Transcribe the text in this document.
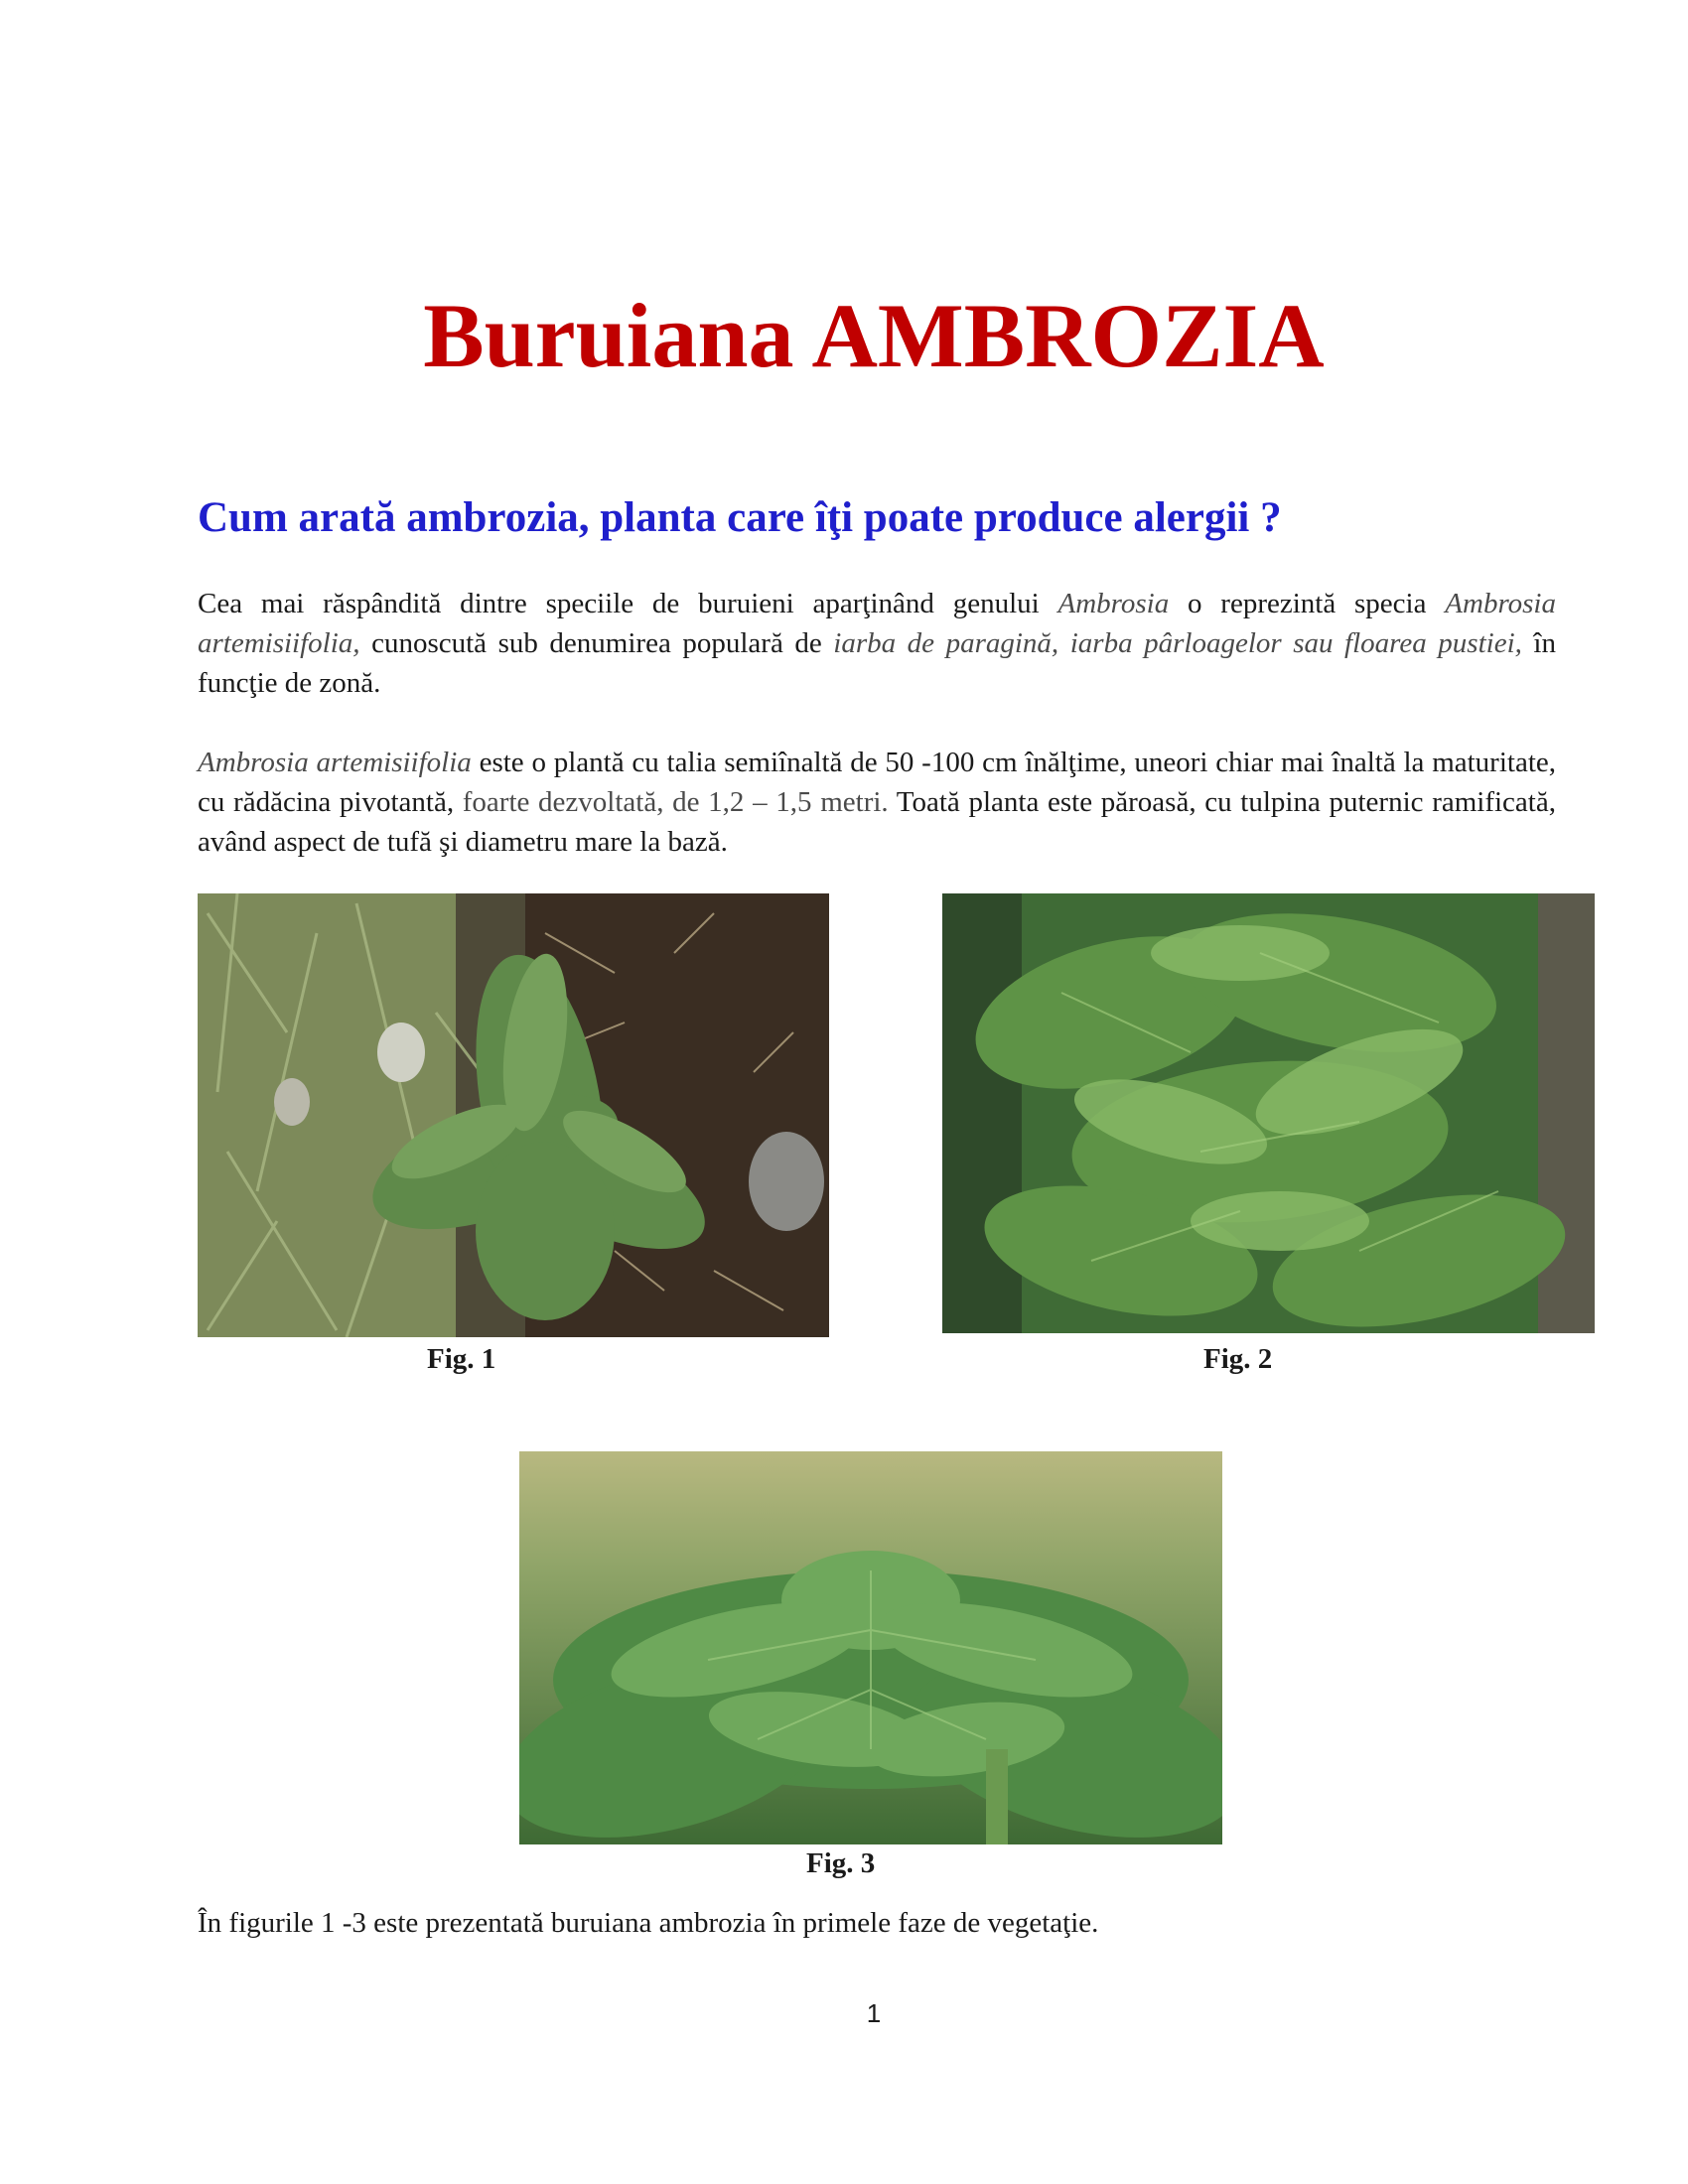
Buruiana AMBROZIA
Cum arată ambrozia, planta care îţi poate produce alergii ?

Cea mai răspândită dintre speciile de buruieni aparţinând genului Ambrosia o reprezintă specia Ambrosia artemisiifolia, cunoscută sub denumirea populară de iarba de paragină, iarba pârloagelor sau floarea pustiei, în funcţie de zonă.

Ambrosia artemisiifolia este o plantă cu talia semiînaltă de 50 -100 cm înălţime, uneori chiar mai înaltă la maturitate, cu rădăcina pivotantă, foarte dezvoltată, de 1,2 – 1,5 metri. Toată planta este păroasă, cu tulpina puternic ramificată, având aspect de tufă şi diametru mare la bază.

Fig. 1	Fig. 2
Fig. 3

În figurile 1 -3 este prezentată buruiana ambrozia în primele faze de vegetaţie.

1
